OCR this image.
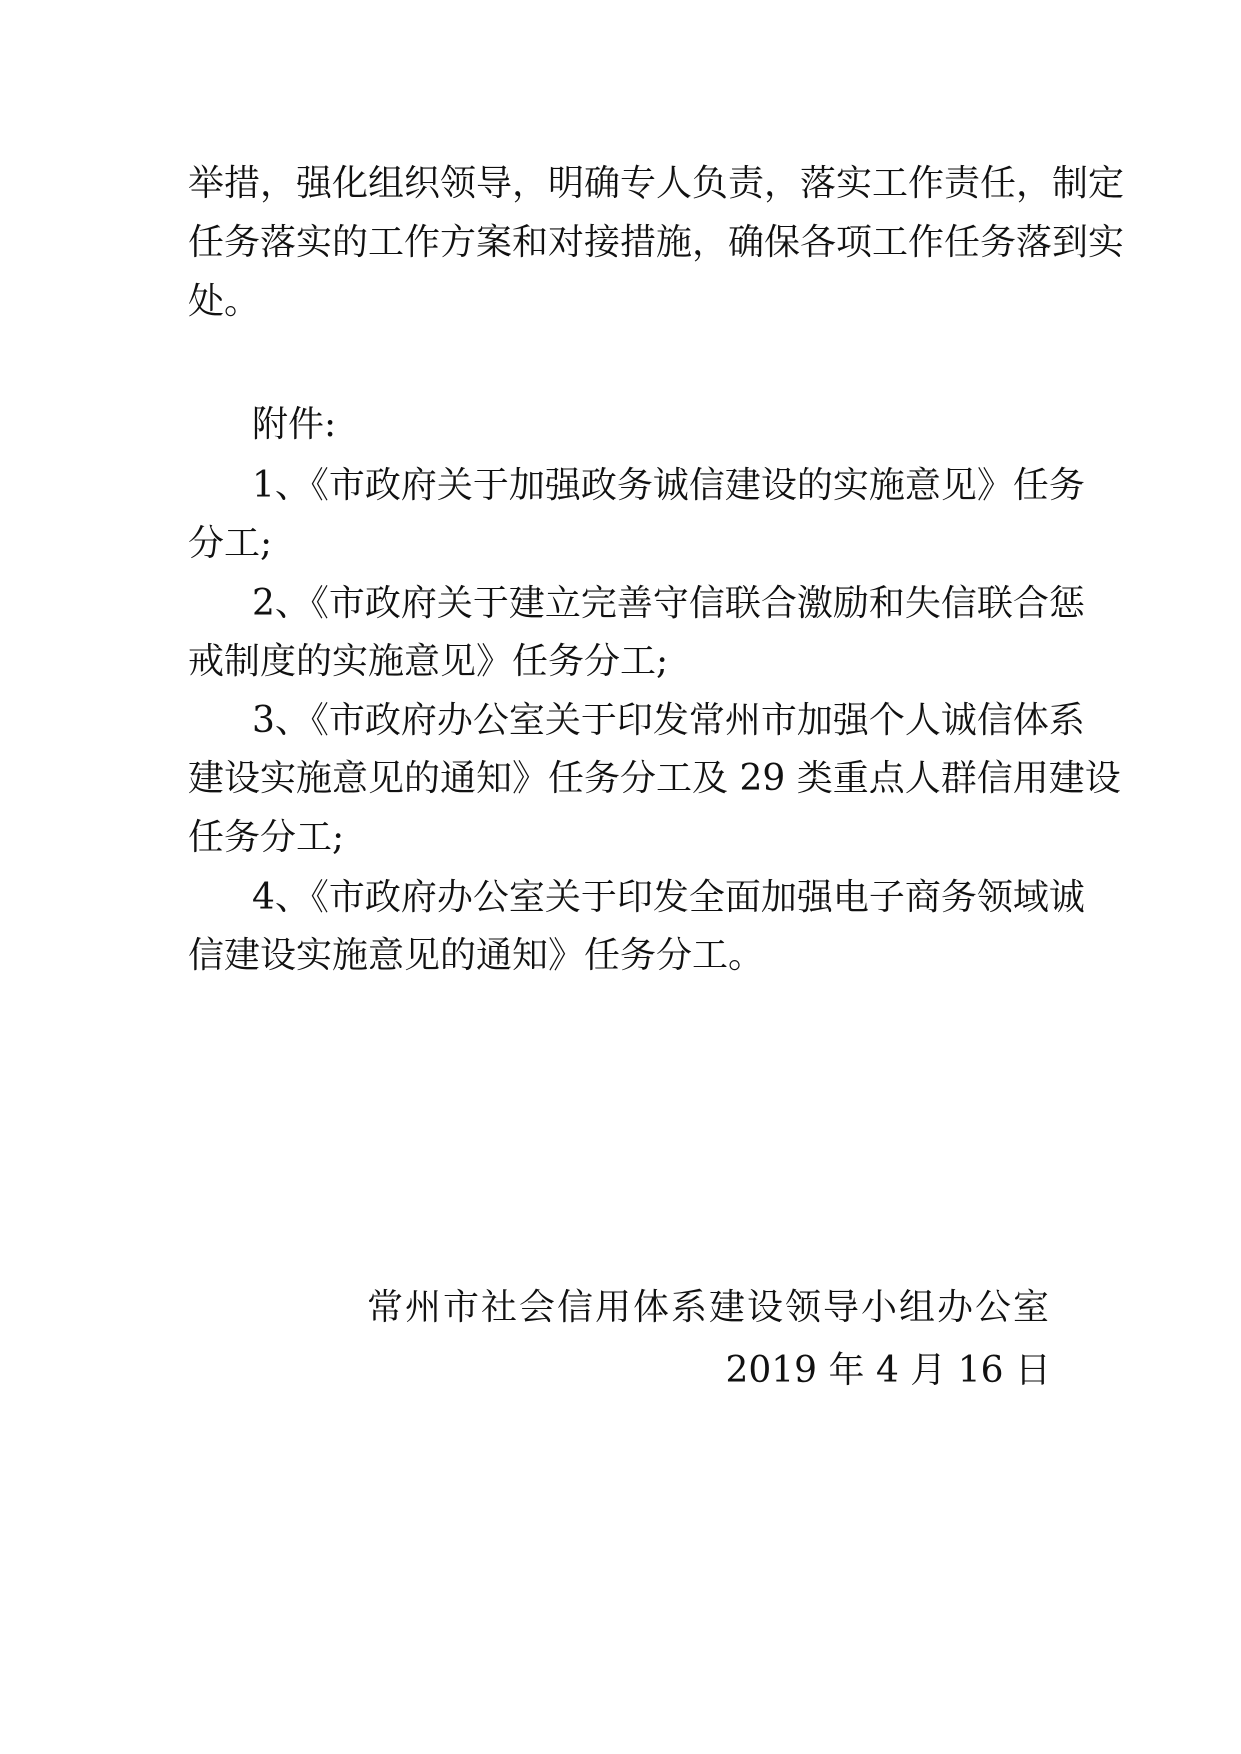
举措，强化组织领导，明确专人负责，落实工作责任，制定
任务落实的工作方案和对接措施，确保各项工作任务落到实
处。
附件:
1、《市政府关于加强政务诚信建设的实施意见》任务
分工;
2、《市政府关于建立完善守信联合激励和失信联合惩
戒制度的实施意见》任务分工;
3、《市政府办公室关于印发常州市加强个人诚信体系
建设实施意见的通知》任务分工及 29 类重点人群信用建设
任务分工;
4、《市政府办公室关于印发全面加强电子商务领域诚
信建设实施意见的通知》任务分工。
常州市社会信用体系建设领导小组办公室
2019 年 4 月 16 日
